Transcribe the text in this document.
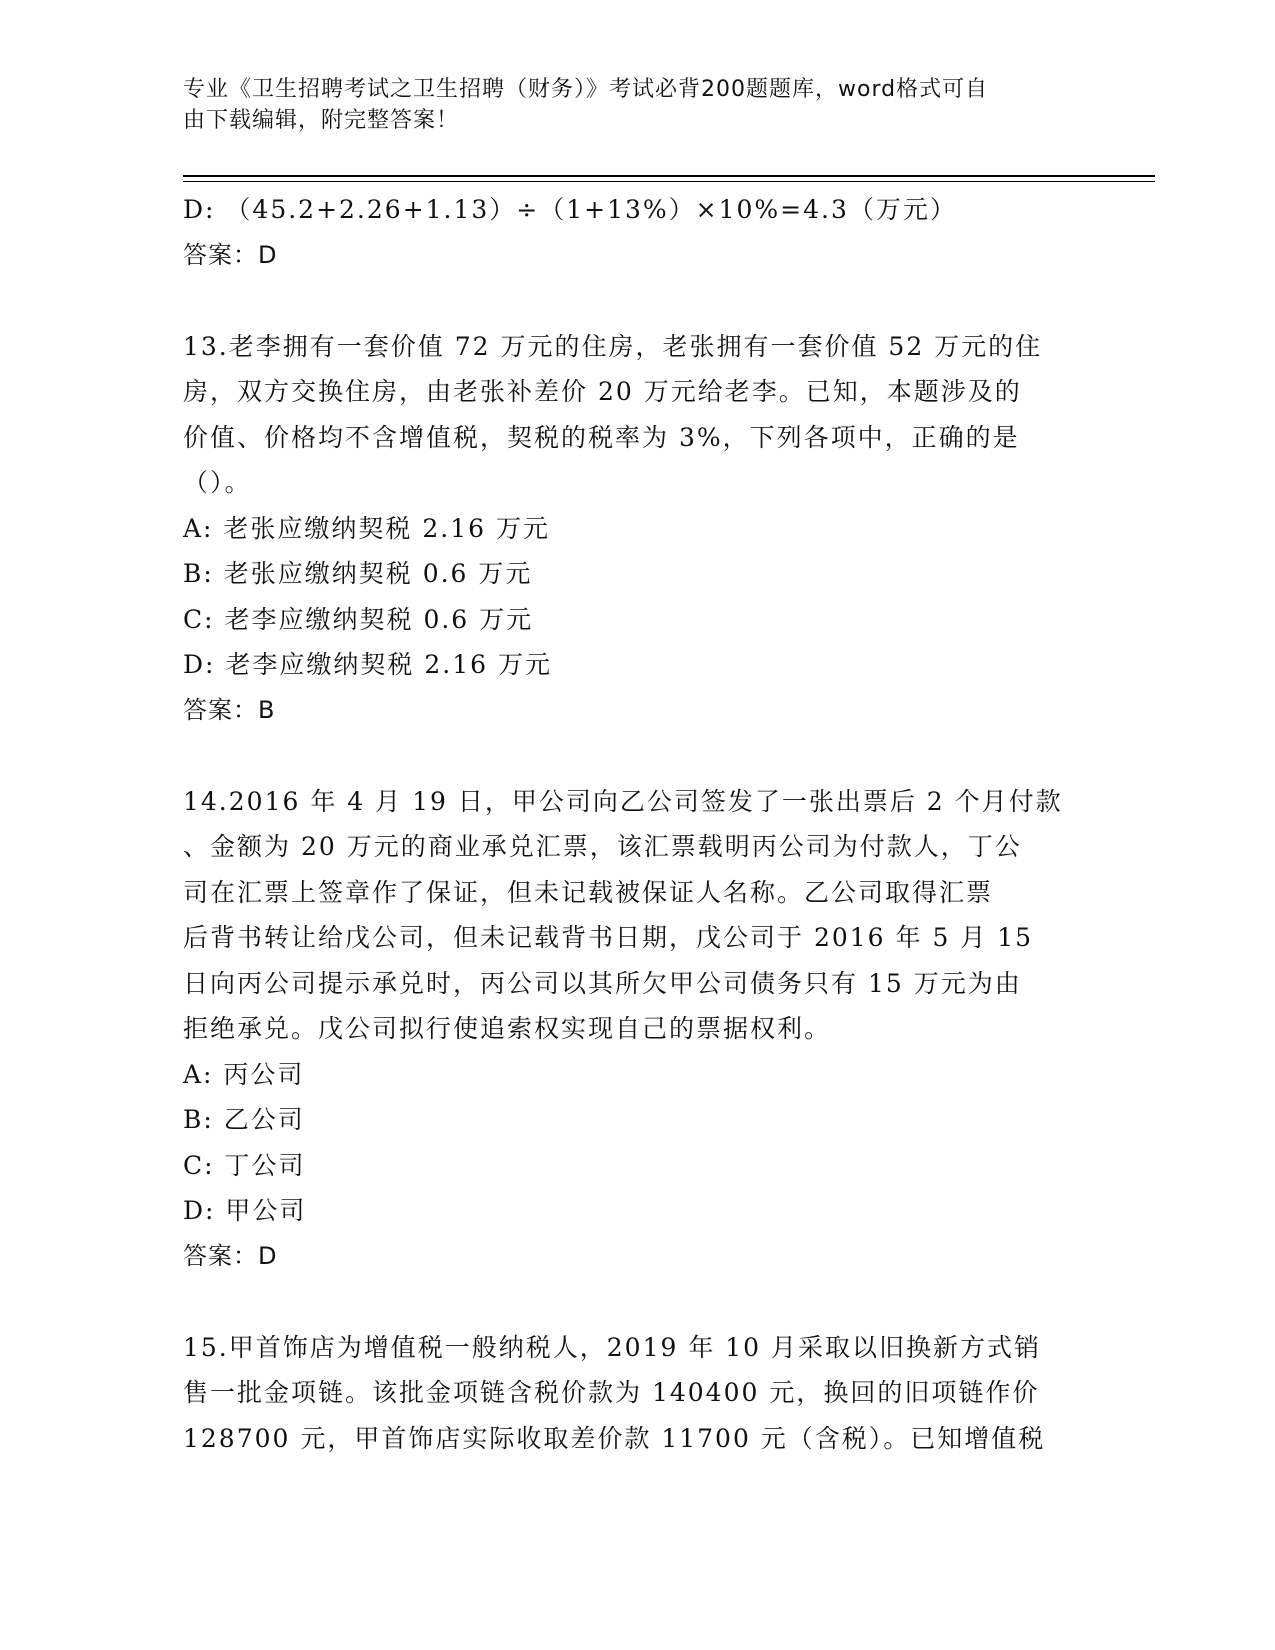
专业《卫生招聘考试之卫生招聘（财务）》考试必背200题题库，word格式可自
由下载编辑，附完整答案！
D: （45.2+2.26+1.13）÷（1+13%）×10%=4.3（万元）
答案：D
13.老李拥有一套价值 72 万元的住房，老张拥有一套价值 52 万元的住
房，双方交换住房，由老张补差价 20 万元给老李。已知，本题涉及的
价值、价格均不含增值税，契税的税率为 3%，下列各项中，正确的是
（）。
A: 老张应缴纳契税 2.16 万元
B: 老张应缴纳契税 0.6 万元
C: 老李应缴纳契税 0.6 万元
D: 老李应缴纳契税 2.16 万元
答案：B
14.2016 年 4 月 19 日，甲公司向乙公司签发了一张出票后 2 个月付款
、金额为 20 万元的商业承兑汇票，该汇票载明丙公司为付款人，丁公
司在汇票上签章作了保证，但未记载被保证人名称。乙公司取得汇票
后背书转让给戊公司，但未记载背书日期，戊公司于 2016 年 5 月 15
日向丙公司提示承兑时，丙公司以其所欠甲公司债务只有 15 万元为由
拒绝承兑。戊公司拟行使追索权实现自己的票据权利。
A: 丙公司
B: 乙公司
C: 丁公司
D: 甲公司
答案：D
15.甲首饰店为增值税一般纳税人，2019 年 10 月采取以旧换新方式销
售一批金项链。该批金项链含税价款为 140400 元，换回的旧项链作价
128700 元，甲首饰店实际收取差价款 11700 元（含税）。已知增值税
